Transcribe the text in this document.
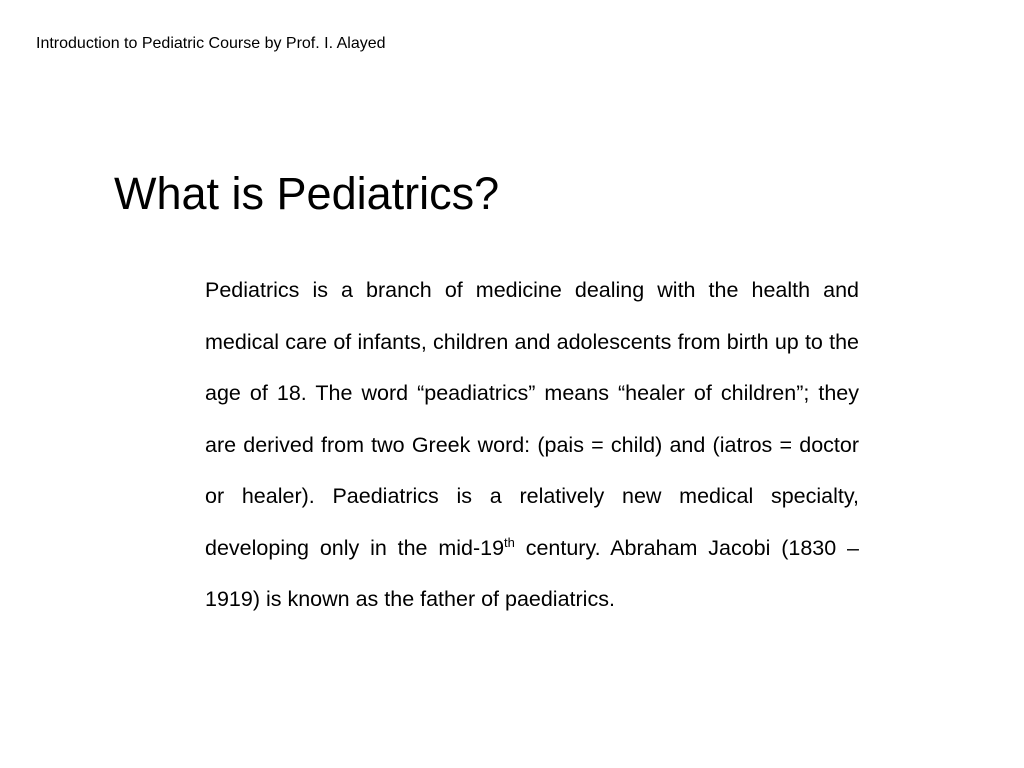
Introduction to Pediatric Course by Prof. I. Alayed
What is Pediatrics?

Pediatrics is a branch of medicine dealing with the health and medical care of infants, children and adolescents from birth up to the age of 18. The word “peadiatrics” means “healer of children”; they are derived from two Greek word: (pais = child) and (iatros = doctor or healer). Paediatrics is a relatively new medical specialty, developing only in the mid-19th century. Abraham Jacobi (1830 – 1919) is known as the father of paediatrics.
